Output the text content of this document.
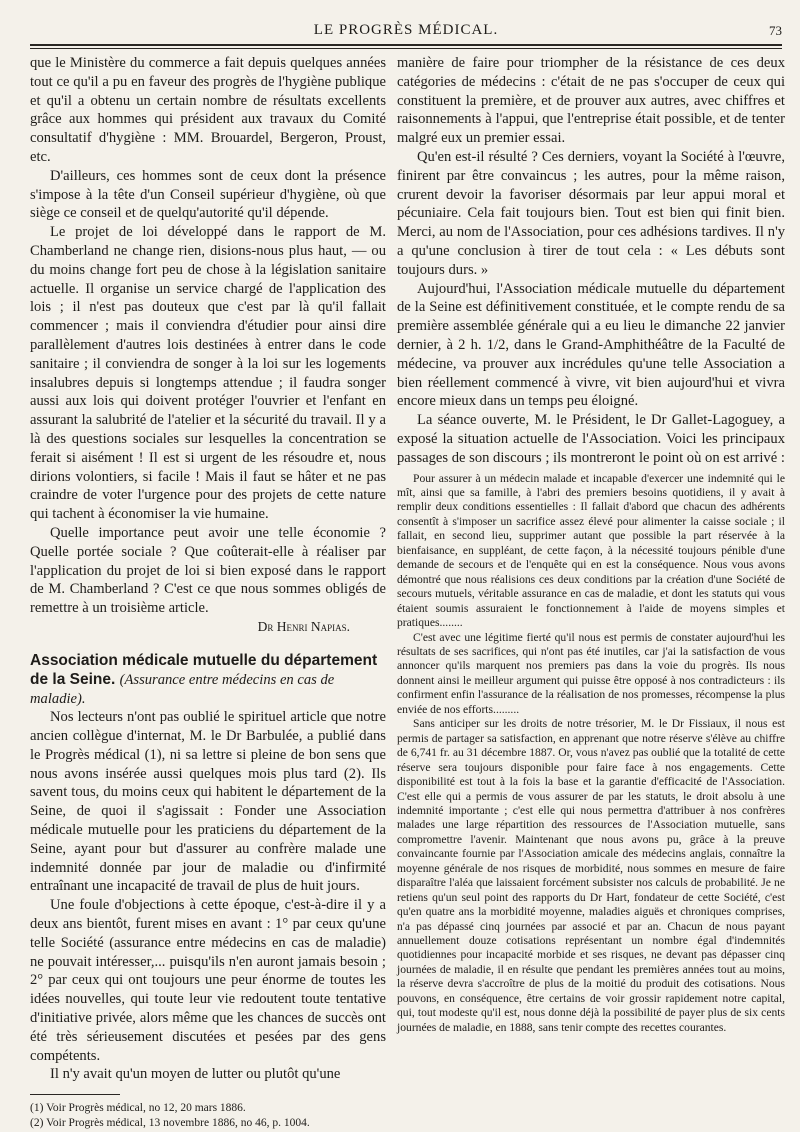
LE PROGRÈS MÉDICAL.	73

que le Ministère du commerce a fait depuis quelques années tout ce qu'il a pu en faveur des progrès de l'hygiène publique et qu'il a obtenu un certain nombre de résultats excellents grâce aux hommes qui président aux travaux du Comité consultatif d'hygiène : MM. Brouardel, Bergeron, Proust, etc.

D'ailleurs, ces hommes sont de ceux dont la présence s'impose à la tête d'un Conseil supérieur d'hygiène, où que siège ce conseil et de quelqu'autorité qu'il dépende.

Le projet de loi développé dans le rapport de M. Chamberland ne change rien, disions-nous plus haut, — ou du moins change fort peu de chose à la législation sanitaire actuelle. Il organise un service chargé de l'application des lois ; il n'est pas douteux que c'est par là qu'il fallait commencer ; mais il conviendra d'étudier pour ainsi dire parallèlement d'autres lois destinées à entrer dans le code sanitaire ; il conviendra de songer à la loi sur les logements insalubres depuis si longtemps attendue ; il faudra songer aussi aux lois qui doivent protéger l'ouvrier et l'enfant en assurant la salubrité de l'atelier et la sécurité du travail. Il y a là des questions sociales sur lesquelles la concentration se ferait si aisément ! Il est si urgent de les résoudre et, nous dirions volontiers, si facile ! Mais il faut se hâter et ne pas craindre de voter l'urgence pour des projets de cette nature qui tachent à économiser la vie humaine.

Quelle importance peut avoir une telle économie ? Quelle portée sociale ? Que coûterait-elle à réaliser par l'application du projet de loi si bien exposé dans le rapport de M. Chamberland ? C'est ce que nous sommes obligés de remettre à un troisième article.

Dr Henri Napias.
Association médicale mutuelle du département de la Seine. (Assurance entre médecins en cas de maladie).

Nos lecteurs n'ont pas oublié le spirituel article que notre ancien collègue d'internat, M. le Dr Barbulée, a publié dans le Progrès médical (1), ni sa lettre si pleine de bon sens que nous avons insérée aussi quelques mois plus tard (2). Ils savent tous, du moins ceux qui habitent le département de la Seine, de quoi il s'agissait : Fonder une Association médicale mutuelle pour les praticiens du département de la Seine, ayant pour but d'assurer au confrère malade une indemnité donnée par jour de maladie ou d'infirmité entraînant une incapacité de travail de plus de huit jours.

Une foule d'objections à cette époque, c'est-à-dire il y a deux ans bientôt, furent mises en avant : 1° par ceux qu'une telle Société (assurance entre médecins en cas de maladie) ne pouvait intéresser,... puisqu'ils n'en auront jamais besoin ; 2° par ceux qui ont toujours une peur énorme de toutes les idées nouvelles, qui toute leur vie redoutent toute tentative d'initiative privée, alors même que les chances de succès ont été très sérieusement discutées et pesées par des gens compétents.

Il n'y avait qu'un moyen de lutter ou plutôt qu'une

(1) Voir Progrès médical, no 12, 20 mars 1886.
(2) Voir Progrès médical, 13 novembre 1886, no 46, p. 1004.

manière de faire pour triompher de la résistance de ces deux catégories de médecins : c'était de ne pas s'occuper de ceux qui constituent la première, et de prouver aux autres, avec chiffres et raisonnements à l'appui, que l'entreprise était possible, et de tenter malgré eux un premier essai.

Qu'en est-il résulté ? Ces derniers, voyant la Société à l'œuvre, finirent par être convaincus ; les autres, pour la même raison, crurent devoir la favoriser désormais par leur appui moral et pécuniaire. Cela fait toujours bien. Tout est bien qui finit bien. Merci, au nom de l'Association, pour ces adhésions tardives. Il n'y a qu'une conclusion à tirer de tout cela : « Les débuts sont toujours durs. »

Aujourd'hui, l'Association médicale mutuelle du département de la Seine est définitivement constituée, et le compte rendu de sa première assemblée générale qui a eu lieu le dimanche 22 janvier dernier, à 2 h. 1/2, dans le Grand-Amphithéâtre de la Faculté de médecine, va prouver aux incrédules qu'une telle Association a bien réellement commencé à vivre, vit bien aujourd'hui et vivra encore mieux dans un temps peu éloigné.

La séance ouverte, M. le Président, le Dr Gallet-Lagoguey, a exposé la situation actuelle de l'Association. Voici les principaux passages de son discours ; ils montreront le point où on est arrivé :

Pour assurer à un médecin malade et incapable d'exercer une indemnité qui le mît, ainsi que sa famille, à l'abri des premiers besoins quotidiens, il y avait à remplir deux conditions essentielles : Il fallait d'abord que chacun des adhérents consentît à s'imposer un sacrifice assez élevé pour alimenter la caisse sociale ; il fallait, en second lieu, supprimer autant que possible la part réservée à la bienfaisance, en suppléant, de cette façon, à la nécessité toujours pénible d'une demande de secours et de l'enquête qui en est la conséquence. Nous vous avons démontré que nous réalisions ces deux conditions par la création d'une Société de secours mutuels, véritable assurance en cas de maladie, et dont les statuts qui vous étaient soumis assuraient le fonctionnement à l'aide de moyens simples et pratiques........

C'est avec une légitime fierté qu'il nous est permis de constater aujourd'hui les résultats de ses sacrifices, qui n'ont pas été inutiles, car j'ai la satisfaction de vous annoncer qu'ils marquent nos premiers pas dans la voie du progrès. Ils nous donnent ainsi le meilleur argument qui puisse être opposé à nos contradicteurs : ils confirment enfin l'assurance de la réalisation de nos promesses, récompense la plus enviée de nos efforts.........

Sans anticiper sur les droits de notre trésorier, M. le Dr Fissiaux, il nous est permis de partager sa satisfaction, en apprenant que notre réserve s'élève au chiffre de 6,741 fr. au 31 décembre 1887. Or, vous n'avez pas oublié que la totalité de cette réserve sera toujours disponible pour faire face à nos engagements. Cette disponibilité est tout à la fois la base et la garantie d'efficacité de l'Association. C'est elle qui a permis de vous assurer de par les statuts, le droit absolu à une indemnité importante ; c'est elle qui nous permettra d'attribuer à nos confrères malades une large répartition des ressources de l'Association mutuelle, sans compromettre l'avenir. Maintenant que nous avons pu, grâce à la preuve convaincante fournie par l'Association amicale des médecins anglais, connaître la moyenne générale de nos risques de morbidité, nous sommes en mesure de faire disparaître l'aléa que laissaient forcément subsister nos calculs de probabilité. Je ne retiens qu'un seul point des rapports du Dr Hart, fondateur de cette Société, c'est qu'en quatre ans la morbidité moyenne, maladies aiguës et chroniques comprises, n'a pas dépassé cinq journées par associé et par an. Chacun de nous payant annuellement douze cotisations représentant un nombre égal d'indemnités quotidiennes pour incapacité morbide et ses risques, ne devant pas dépasser cinq journées de maladie, il en résulte que pendant les premières années tout au moins, la réserve devra s'accroître de plus de la moitié du produit des cotisations. Nous pouvons, en conséquence, être certains de voir grossir rapidement notre capital, qui, tout modeste qu'il est, nous donne déjà la possibilité de payer plus de six cents journées de maladie, en 1888, sans tenir compte des recettes courantes.
